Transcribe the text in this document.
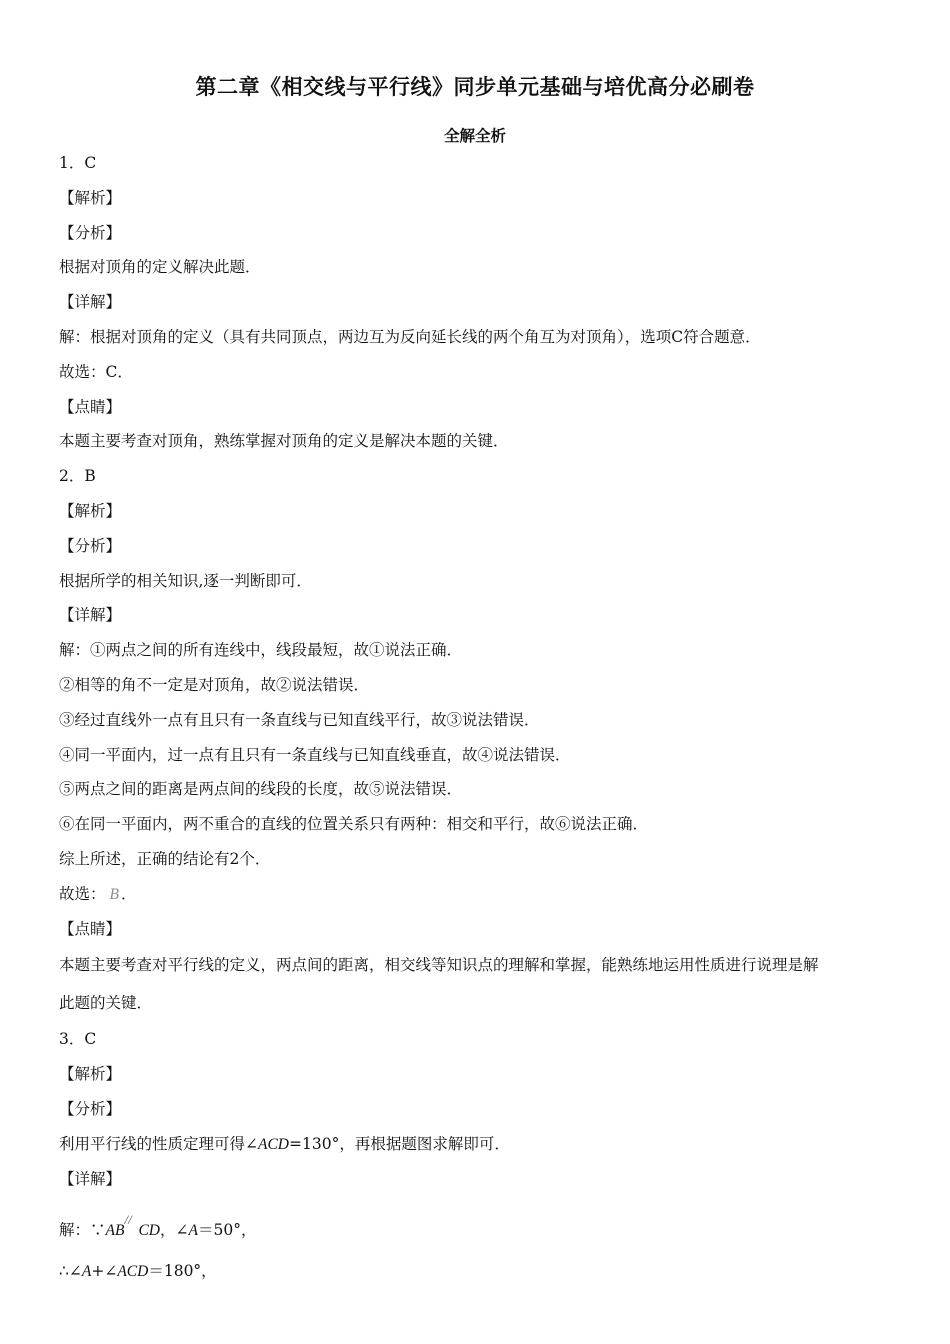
第二章《相交线与平行线》同步单元基础与培优高分必刷卷
全解全析
1．C
【解析】
【分析】
根据对顶角的定义解决此题．
【详解】
解：根据对顶角的定义（具有共同顶点，两边互为反向延长线的两个角互为对顶角），选项C符合题意．
故选：C．
【点睛】
本题主要考查对顶角，熟练掌握对顶角的定义是解决本题的关键．
2．B
【解析】
【分析】
根据所学的相关知识,逐一判断即可．
【详解】
解：①两点之间的所有连线中，线段最短，故①说法正确．
②相等的角不一定是对顶角，故②说法错误．
③经过直线外一点有且只有一条直线与已知直线平行，故③说法错误．
④同一平面内，过一点有且只有一条直线与已知直线垂直，故④说法错误．
⑤两点之间的距离是两点间的线段的长度，故⑤说法错误．
⑥在同一平面内，两不重合的直线的位置关系只有两种：相交和平行，故⑥说法正确．
综上所述，正确的结论有2个．
故选： B ．
【点睛】
本题主要考查对平行线的定义，两点间的距离，相交线等知识点的理解和掌握，能熟练地运用性质进行说理是解
此题的关键．
3．C
【解析】
【分析】
利用平行线的性质定理可得∠ACD=130°，再根据题图求解即可．
【详解】
解：∵AB//CD，∠A＝50°，
∴∠A+∠ACD＝180°，
